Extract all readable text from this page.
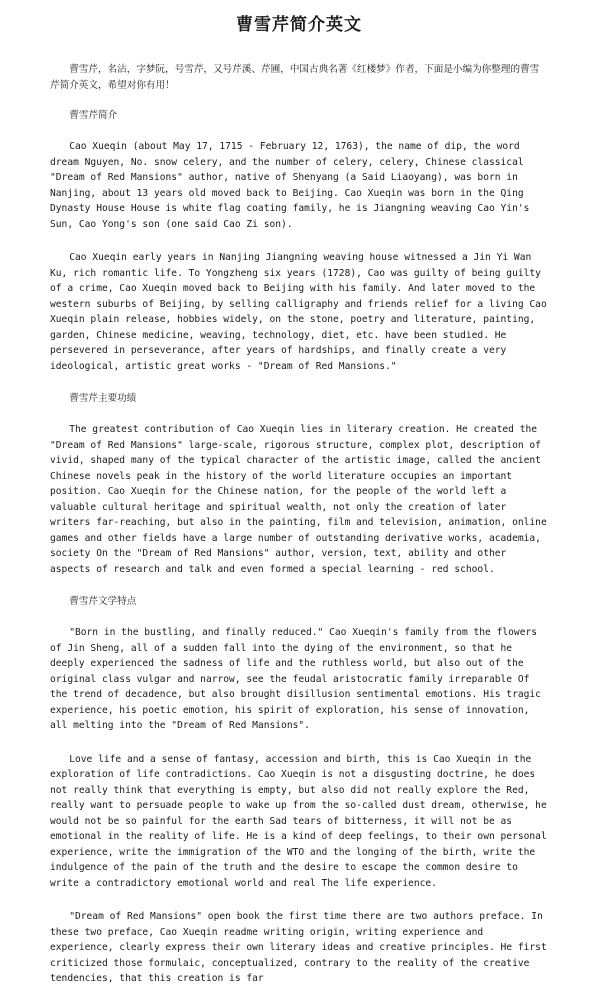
曹雪芹简介英文

曹雪芹，名沾，字梦阮，号雪芹，又号芹溪、芹圃，中国古典名著《红楼梦》作者，下面是小编为你整理的曹雪芹简介英文，希望对你有用！

曹雪芹简介

Cao Xueqin (about May 17, 1715 - February 12, 1763), the name of dip, the word dream Nguyen, No. snow celery, and the number of celery, celery, Chinese classical "Dream of Red Mansions" author, native of Shenyang (a Said Liaoyang), was born in Nanjing, about 13 years old moved back to Beijing. Cao Xueqin was born in the Qing Dynasty House House is white flag coating family, he is Jiangning weaving Cao Yin's Sun, Cao Yong's son (one said Cao Zi son).

Cao Xueqin early years in Nanjing Jiangning weaving house witnessed a Jin Yi Wan Ku, rich romantic life. To Yongzheng six years (1728), Cao was guilty of being guilty of a crime, Cao Xueqin moved back to Beijing with his family. And later moved to the western suburbs of Beijing, by selling calligraphy and friends relief for a living Cao Xueqin plain release, hobbies widely, on the stone, poetry and literature, painting, garden, Chinese medicine, weaving, technology, diet, etc. have been studied. He persevered in perseverance, after years of hardships, and finally create a very ideological, artistic great works - "Dream of Red Mansions."

曹雪芹主要功绩

The greatest contribution of Cao Xueqin lies in literary creation. He created the "Dream of Red Mansions" large-scale, rigorous structure, complex plot, description of vivid, shaped many of the typical character of the artistic image, called the ancient Chinese novels peak in the history of the world literature occupies an important position. Cao Xueqin for the Chinese nation, for the people of the world left a valuable cultural heritage and spiritual wealth, not only the creation of later writers far-reaching, but also in the painting, film and television, animation, online games and other fields have a large number of outstanding derivative works, academia, society On the "Dream of Red Mansions" author, version, text, ability and other aspects of research and talk and even formed a special learning - red school.

曹雪芹文学特点

"Born in the bustling, and finally reduced." Cao Xueqin's family from the flowers of Jin Sheng, all of a sudden fall into the dying of the environment, so that he deeply experienced the sadness of life and the ruthless world, but also out of the original class vulgar and narrow, see the feudal aristocratic family irreparable Of the trend of decadence, but also brought disillusion sentimental emotions. His tragic experience, his poetic emotion, his spirit of exploration, his sense of innovation, all melting into the "Dream of Red Mansions".

Love life and a sense of fantasy, accession and birth, this is Cao Xueqin in the exploration of life contradictions. Cao Xueqin is not a disgusting doctrine, he does not really think that everything is empty, but also did not really explore the Red, really want to persuade people to wake up from the so-called dust dream, otherwise, he would not be so painful for the earth Sad tears of bitterness, it will not be as emotional in the reality of life. He is a kind of deep feelings, to their own personal experience, write the immigration of the WTO and the longing of the birth, write the indulgence of the pain of the truth and the desire to escape the common desire to write a contradictory emotional world and real The life experience.

"Dream of Red Mansions" open book the first time there are two authors preface. In these two preface, Cao Xueqin readme writing origin, writing experience and experience, clearly express their own literary ideas and creative principles. He first criticized those formulaic, conceptualized, contrary to the reality of the creative tendencies, that this creation is far
